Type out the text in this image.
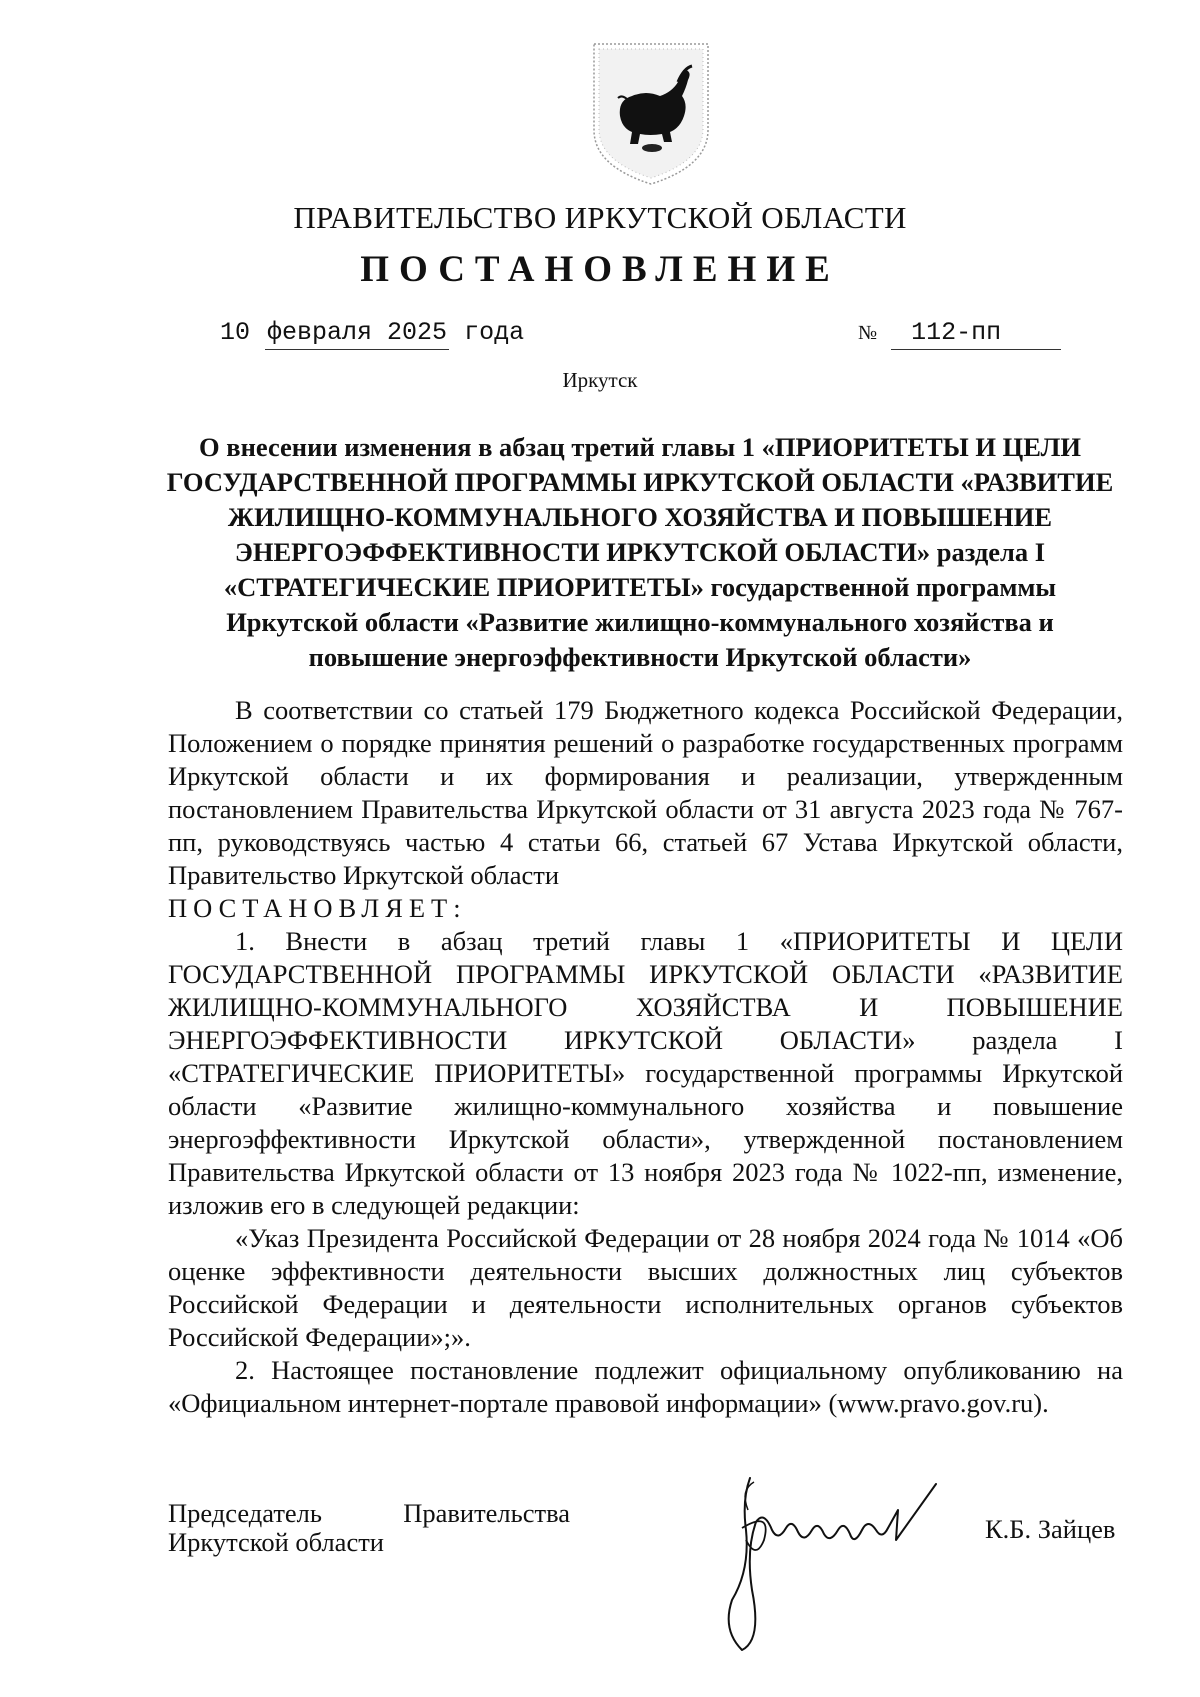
ПРАВИТЕЛЬСТВО ИРКУТСКОЙ ОБЛАСТИ
ПОСТАНОВЛЕНИЕ
10 февраля 2025 года	№ 112-пп
Иркутск
О внесении изменения в абзац третий главы 1 «ПРИОРИТЕТЫ И ЦЕЛИ ГОСУДАРСТВЕННОЙ ПРОГРАММЫ ИРКУТСКОЙ ОБЛАСТИ «РАЗВИТИЕ ЖИЛИЩНО-КОММУНАЛЬНОГО ХОЗЯЙСТВА И ПОВЫШЕНИЕ ЭНЕРГОЭФФЕКТИВНОСТИ ИРКУТСКОЙ ОБЛАСТИ» раздела I «СТРАТЕГИЧЕСКИЕ ПРИОРИТЕТЫ» государственной программы Иркутской области «Развитие жилищно-коммунального хозяйства и повышение энергоэффективности Иркутской области»

В соответствии со статьей 179 Бюджетного кодекса Российской Федерации, Положением о порядке принятия решений о разработке государственных программ Иркутской области и их формирования и реализации, утвержденным постановлением Правительства Иркутской области от 31 августа 2023 года № 767-пп, руководствуясь частью 4 статьи 66, статьей 67 Устава Иркутской области, Правительство Иркутской области

ПОСТАНОВЛЯЕТ:

1. Внести в абзац третий главы 1 «ПРИОРИТЕТЫ И ЦЕЛИ ГОСУДАРСТВЕННОЙ ПРОГРАММЫ ИРКУТСКОЙ ОБЛАСТИ «РАЗВИТИЕ ЖИЛИЩНО-КОММУНАЛЬНОГО ХОЗЯЙСТВА И ПОВЫШЕНИЕ ЭНЕРГОЭФФЕКТИВНОСТИ ИРКУТСКОЙ ОБЛАСТИ» раздела I «СТРАТЕГИЧЕСКИЕ ПРИОРИТЕТЫ» государственной программы Иркутской области «Развитие жилищно-коммунального хозяйства и повышение энергоэффективности Иркутской области», утвержденной постановлением Правительства Иркутской области от 13 ноября 2023 года № 1022-пп, изменение, изложив его в следующей редакции:

«Указ Президента Российской Федерации от 28 ноября 2024 года № 1014 «Об оценке эффективности деятельности высших должностных лиц субъектов Российской Федерации и деятельности исполнительных органов субъектов Российской Федерации»;».

2. Настоящее постановление подлежит официальному опубликованию на «Официальном интернет-портале правовой информации» (www.pravo.gov.ru).

Председатель	Правительства
Иркутской области	К.Б. Зайцев
